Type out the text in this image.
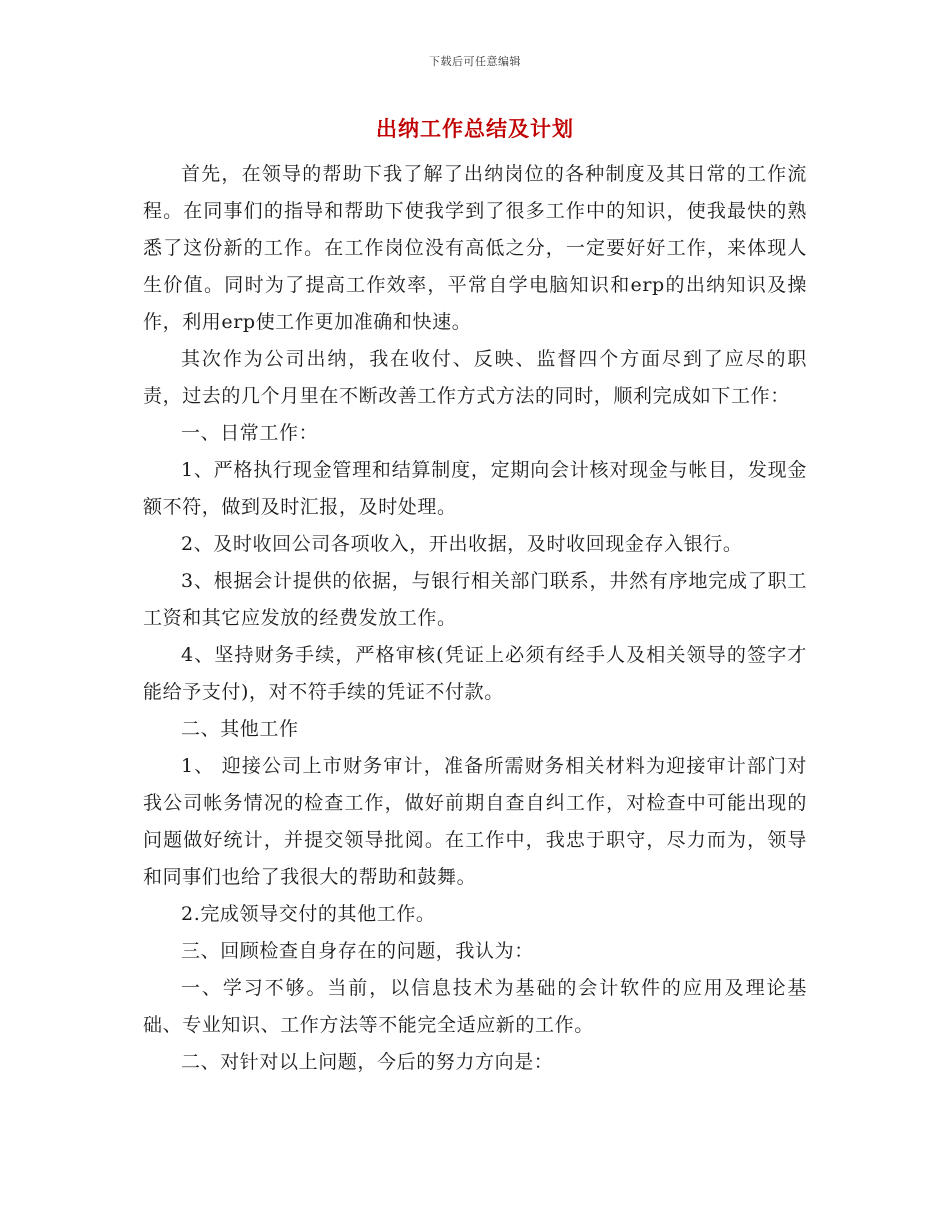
下载后可任意编辑
出纳工作总结及计划

首先，在领导的帮助下我了解了出纳岗位的各种制度及其日常的工作流程。在同事们的指导和帮助下使我学到了很多工作中的知识，使我最快的熟悉了这份新的工作。在工作岗位没有高低之分，一定要好好工作，来体现人生价值。同时为了提高工作效率，平常自学电脑知识和erp的出纳知识及操作，利用erp使工作更加准确和快速。

其次作为公司出纳，我在收付、反映、监督四个方面尽到了应尽的职责，过去的几个月里在不断改善工作方式方法的同时，顺利完成如下工作：

一、日常工作：

1、严格执行现金管理和结算制度，定期向会计核对现金与帐目，发现金额不符，做到及时汇报，及时处理。

2、及时收回公司各项收入，开出收据，及时收回现金存入银行。

3、根据会计提供的依据，与银行相关部门联系，井然有序地完成了职工工资和其它应发放的经费发放工作。

4、坚持财务手续，严格审核(凭证上必须有经手人及相关领导的签字才能给予支付)，对不符手续的凭证不付款。

二、其他工作

1、 迎接公司上市财务审计，准备所需财务相关材料为迎接审计部门对我公司帐务情况的检查工作，做好前期自查自纠工作，对检查中可能出现的问题做好统计，并提交领导批阅。在工作中，我忠于职守，尽力而为，领导和同事们也给了我很大的帮助和鼓舞。

2.完成领导交付的其他工作。

三、回顾检查自身存在的问题，我认为：

一、学习不够。当前，以信息技术为基础的会计软件的应用及理论基础、专业知识、工作方法等不能完全适应新的工作。

二、对针对以上问题，今后的努力方向是：
